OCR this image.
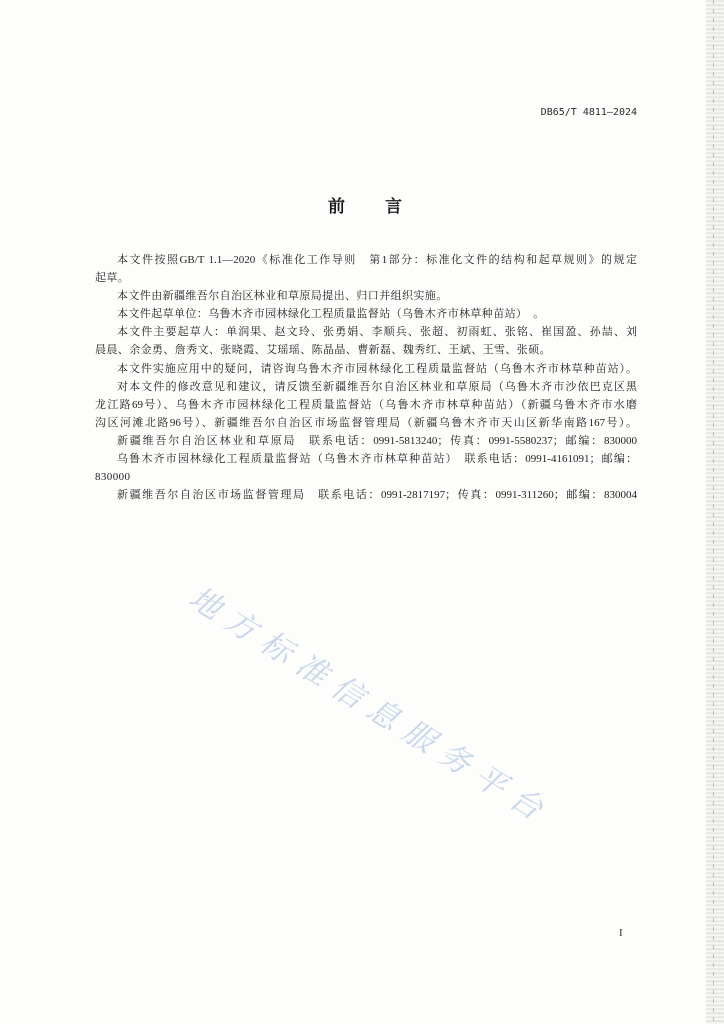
DB65/T 4811—2024
前　　言
本文件按照GB/T 1.1—2020《标准化工作导则　第1部分：标准化文件的结构和起草规则》的规定
起草。
本文件由新疆维吾尔自治区林业和草原局提出、归口并组织实施。
本文件起草单位：乌鲁木齐市园林绿化工程质量监督站（乌鲁木齐市林草种苗站）　。
本文件主要起草人：单润果、赵文玲、张勇娟、李顺兵、张超、初雨虹、张铭、崔国盈、孙喆、刘
晨晨、余金勇、詹秀文、张晓霞、艾瑶瑶、陈晶晶、曹新磊、魏秀红、王斌、王雪、张硕。
本文件实施应用中的疑问，请咨询乌鲁木齐市园林绿化工程质量监督站（乌鲁木齐市林草种苗站）。
对本文件的修改意见和建议，请反馈至新疆维吾尔自治区林业和草原局（乌鲁木齐市沙依巴克区黑
龙江路69号）、乌鲁木齐市园林绿化工程质量监督站（乌鲁木齐市林草种苗站）（新疆乌鲁木齐市水磨
沟区河滩北路96号）、新疆维吾尔自治区市场监督管理局（新疆乌鲁木齐市天山区新华南路167号）。
新疆维吾尔自治区林业和草原局　联系电话：0991-5813240；传真：0991-5580237；邮编：830000
乌鲁木齐市园林绿化工程质量监督站（乌鲁木齐市林草种苗站）　联系电话：0991-4161091；邮编：
830000
新疆维吾尔自治区市场监督管理局　联系电话：0991-2817197；传真：0991-311260；邮编：830004
地方标准信息服务平台
I
